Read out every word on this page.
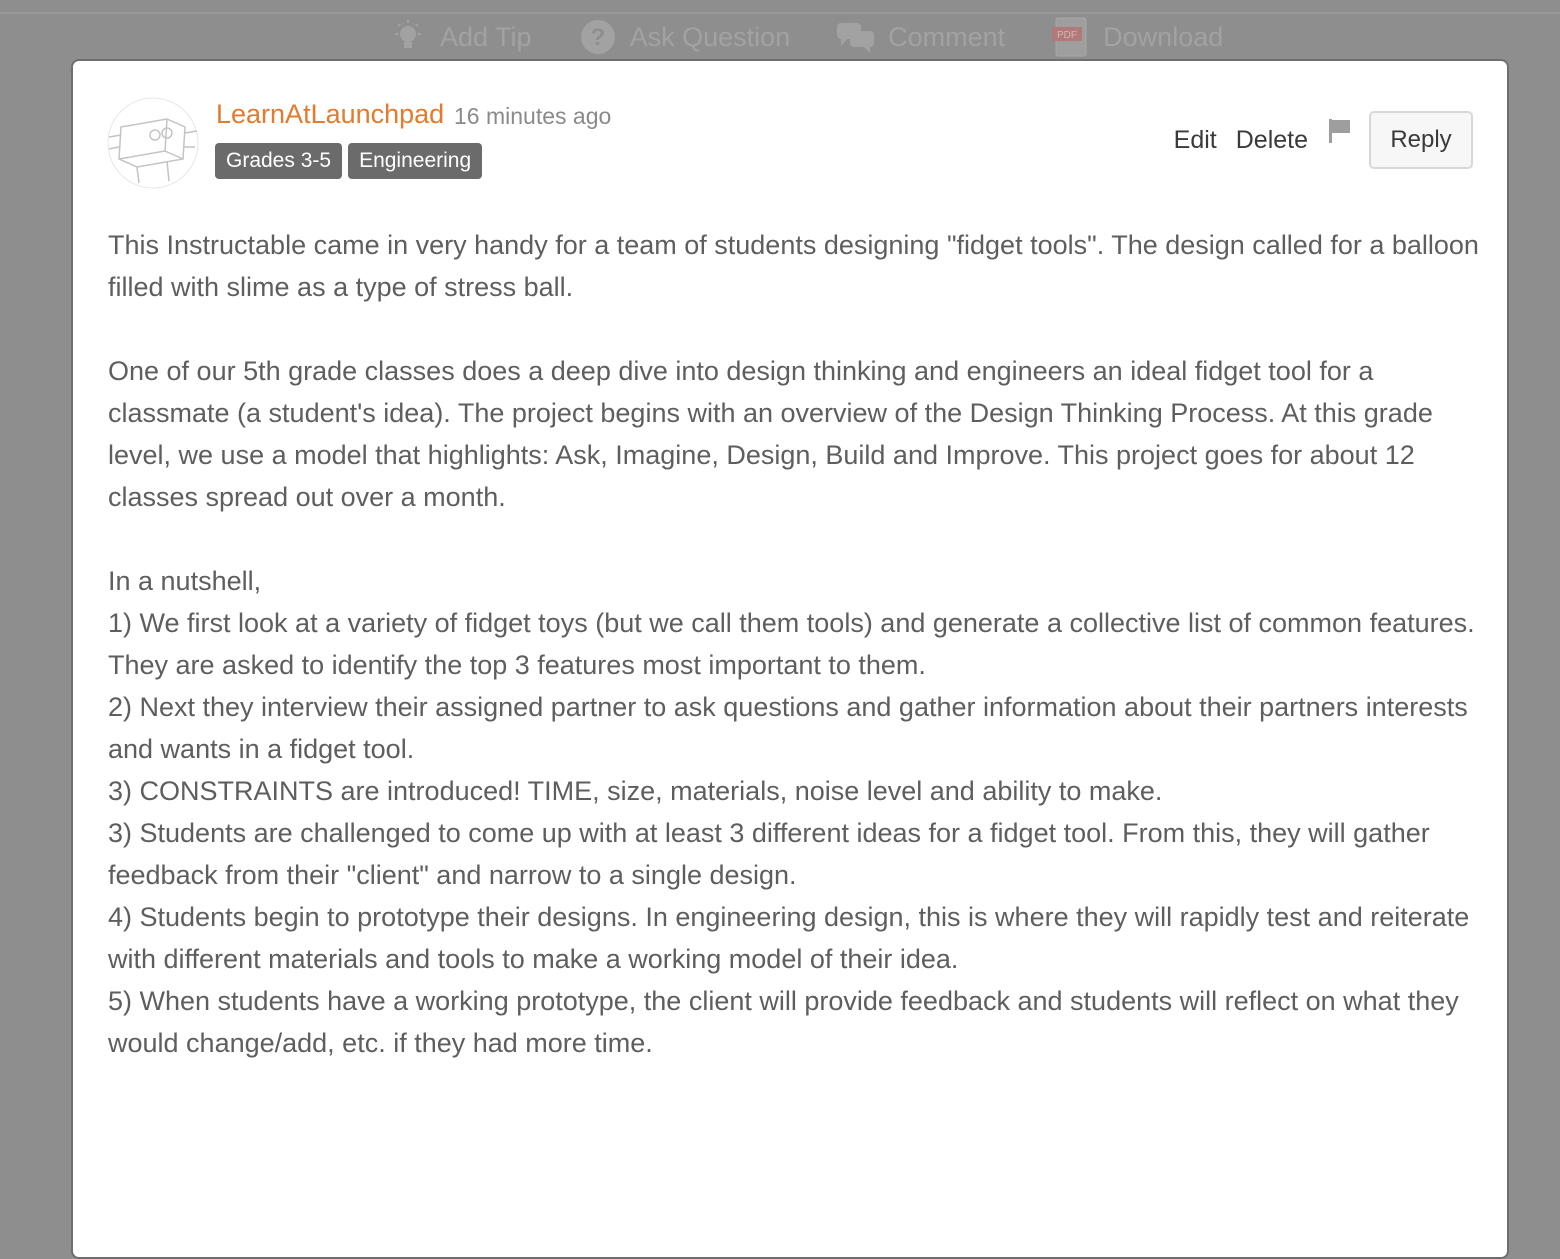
Add Tip ? Ask Question	Comment	PDF Download
LearnAtLaunchpad 16 minutes ago
Grades 3-5	Engineering
Edit Delete	Reply

This Instructable came in very handy for a team of students designing "fidget tools". The design called for a balloon filled with slime as a type of stress ball.

One of our 5th grade classes does a deep dive into design thinking and engineers an ideal fidget tool for a classmate (a student's idea). The project begins with an overview of the Design Thinking Process. At this grade level, we use a model that highlights: Ask, Imagine, Design, Build and Improve. This project goes for about 12 classes spread out over a month.

In a nutshell,
1) We first look at a variety of fidget toys (but we call them tools) and generate a collective list of common features. They are asked to identify the top 3 features most important to them.
2) Next they interview their assigned partner to ask questions and gather information about their partners interests and wants in a fidget tool.
3) CONSTRAINTS are introduced! TIME, size, materials, noise level and ability to make.
3) Students are challenged to come up with at least 3 different ideas for a fidget tool. From this, they will gather feedback from their "client" and narrow to a single design.
4) Students begin to prototype their designs. In engineering design, this is where they will rapidly test and reiterate with different materials and tools to make a working model of their idea.
5) When students have a working prototype, the client will provide feedback and students will reflect on what they would change/add, etc. if they had more time.
